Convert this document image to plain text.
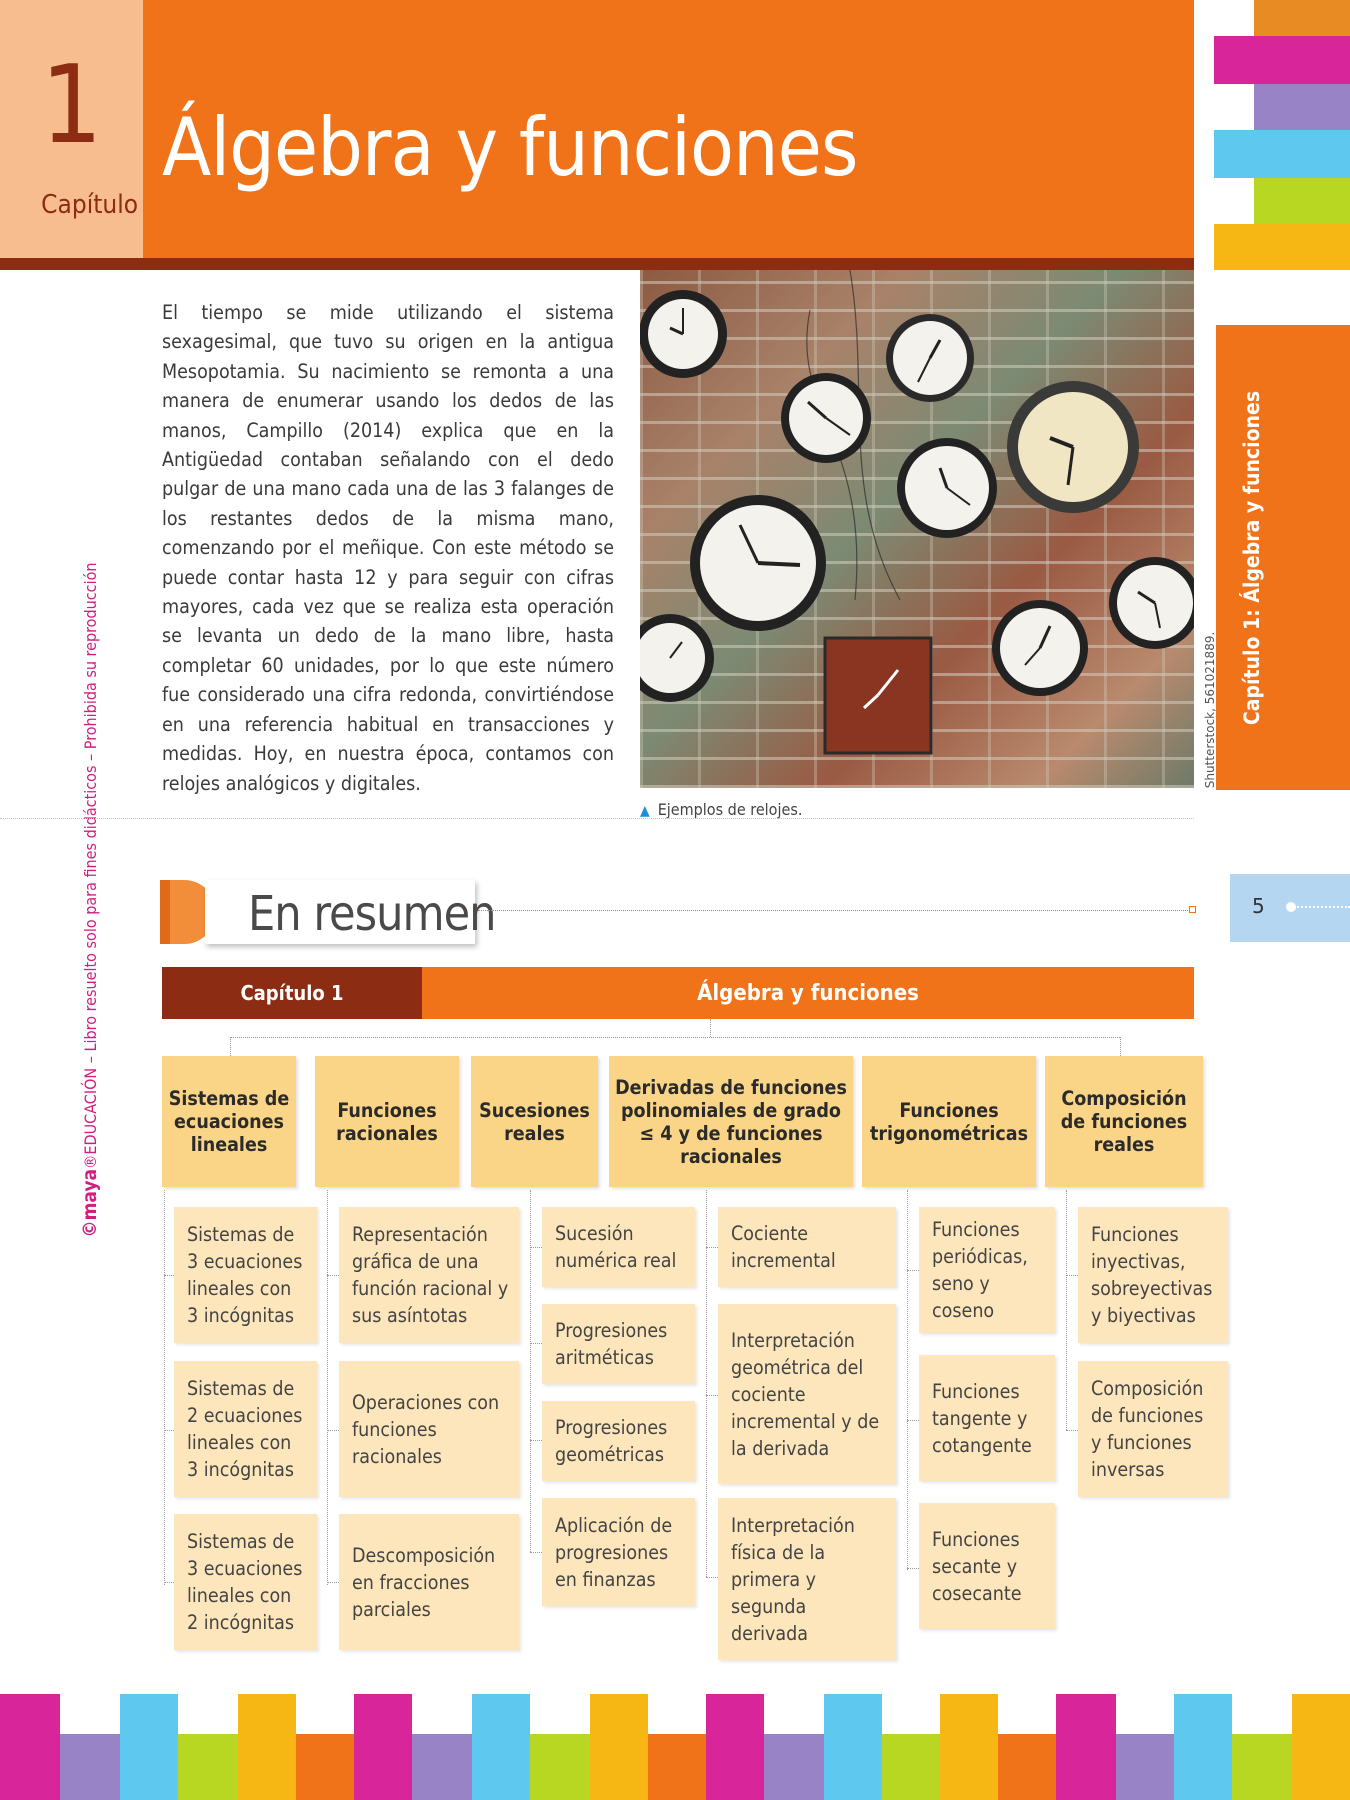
1
Capítulo
Álgebra y funciones
Capítulo 1: Álgebra y funciones
©maya®EDUCACIÓN – Libro resuelto solo para fines didácticos – Prohibida su reproducción
El tiempo se mide utilizando el sistema sexagesimal, que tuvo su origen en la antigua Mesopotamia. Su nacimiento se remonta a una manera de enumerar usando los dedos de las manos, Campillo (2014) explica que en la Antigüedad contaban señalando con el dedo pulgar de una mano cada una de las 3 falanges de los restantes dedos de la misma mano, comenzando por el meñique. Con este método se puede contar hasta 12 y para seguir con cifras mayores, cada vez que se realiza esta operación se levanta un dedo de la mano libre, hasta completar 60 unidades, por lo que este número fue considerado una cifra redonda, convirtiéndose en una referencia habitual en transacciones y medidas. Hoy, en nuestra época, contamos con relojes analógicos y digitales.	Shutterstock, 561021889.
▲ Ejemplos de relojes.
5
En resumen
Capítulo 1	Álgebra y funciones
Sistemas de ecuaciones lineales
Sistemas de 3 ecuaciones lineales con 3 incógnitas
Sistemas de 2 ecuaciones lineales con 3 incógnitas
Sistemas de 3 ecuaciones lineales con 2 incógnitas
Funciones racionales
Representación gráfica de una función racional y sus asíntotas
Operaciones con funciones racionales
Descomposición en fracciones parciales
Sucesiones reales
Sucesión numérica real
Progresiones aritméticas
Progresiones geométricas
Aplicación de progresiones en finanzas
Derivadas de funciones polinomiales de grado ≤ 4 y de funciones racionales
Cociente incremental
Interpretación geométrica del cociente incremental y de la derivada
Interpretación física de la primera y segunda derivada
Funciones trigonométricas
Funciones periódicas, seno y coseno
Funciones tangente y cotangente
Funciones secante y cosecante
Composición de funciones reales
Funciones inyectivas, sobreyectivas y biyectivas
Composición de funciones y funciones inversas
